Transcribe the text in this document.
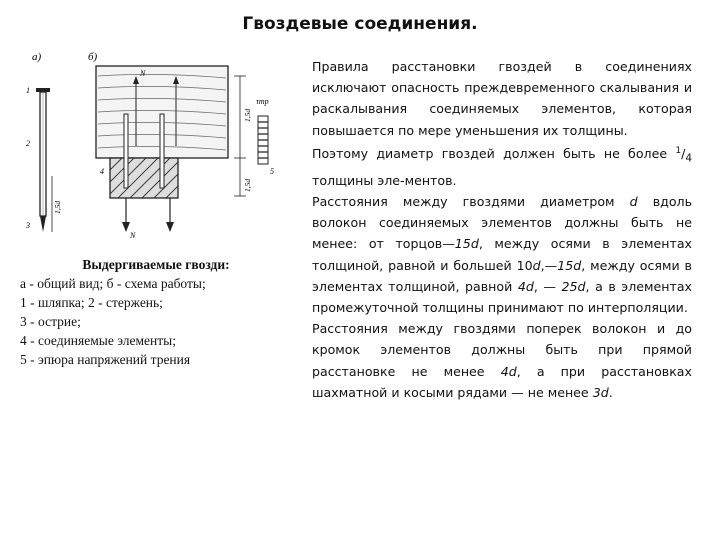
Гвоздевые соединения.
а)
1
2
3
1,5d
б)
N
N
4
1,5d
1,5d
τтр
5
Выдергиваемые гвозди:
а - общий вид; б - схема работы;
1 - шляпка; 2 - стержень;
3 - острие;
4 - соединяемые элементы;
5 - эпюра напряжений трения

Правила расстановки гвоздей в соединениях исключают опасность преждевременного скалывания и раскалывания соединяемых элементов, которая повышается по мере уменьшения их толщины.

Поэтому диаметр гвоздей должен быть не более $^1/_4$ толщины эле-ментов.

Расстояния между гвоздями диаметром d вдоль волокон соединяемых элементов должны быть не менее: от торцов—15d, между осями в элементах толщиной, равной и большей 10d,—15d, между осями в элементах толщиной, равной 4d, — 25d, а в элементах промежуточной толщины принимают по интерполяции.

Расстояния между гвоздями поперек волокон и до кромок элементов должны быть при прямой расстановке не менее 4d, а при расстановках шахматной и косыми рядами — не менее 3d.
